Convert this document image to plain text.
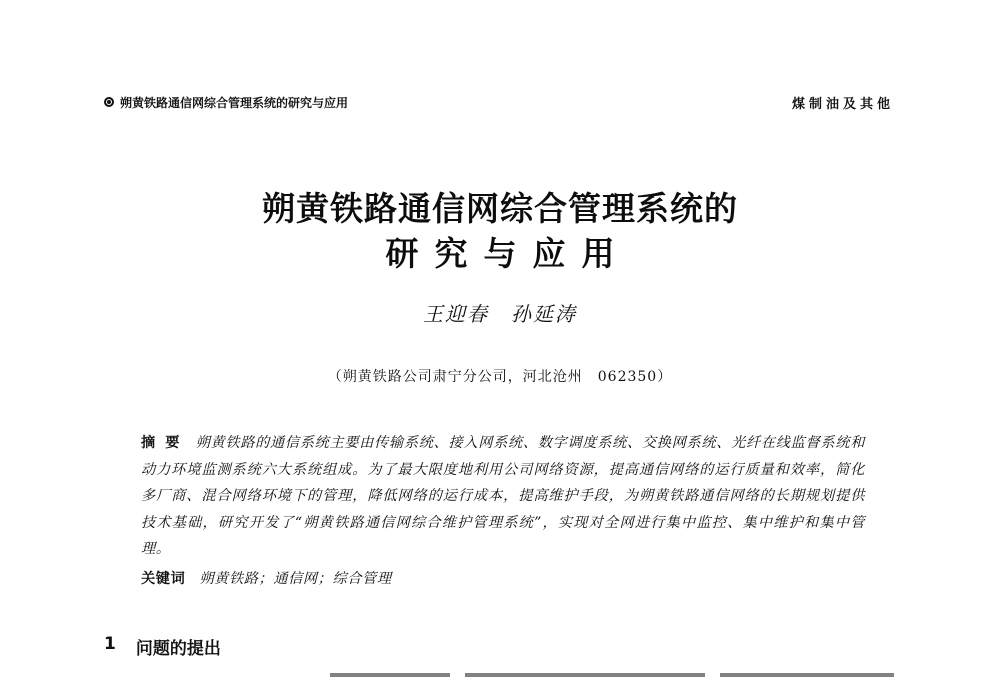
朔黄铁路通信网综合管理系统的研究与应用	煤制油及其他
朔黄铁路通信网综合管理系统的
研究与应用
王迎春　孙延涛
（朔黄铁路公司肃宁分公司，河北沧州　062350）
摘要 朔黄铁路的通信系统主要由传输系统、接入网系统、数字调度系统、交换网系统、光纤在线监督系统和动力环境监测系统六大系统组成。为了最大限度地利用公司网络资源，提高通信网络的运行质量和效率，简化多厂商、混合网络环境下的管理，降低网络的运行成本，提高维护手段，为朔黄铁路通信网络的长期规划提供技术基础，研究开发了“朔黄铁路通信网综合维护管理系统”，实现对全网进行集中监控、集中维护和集中管理。
关键词 朔黄铁路；通信网；综合管理
1 问题的提出
